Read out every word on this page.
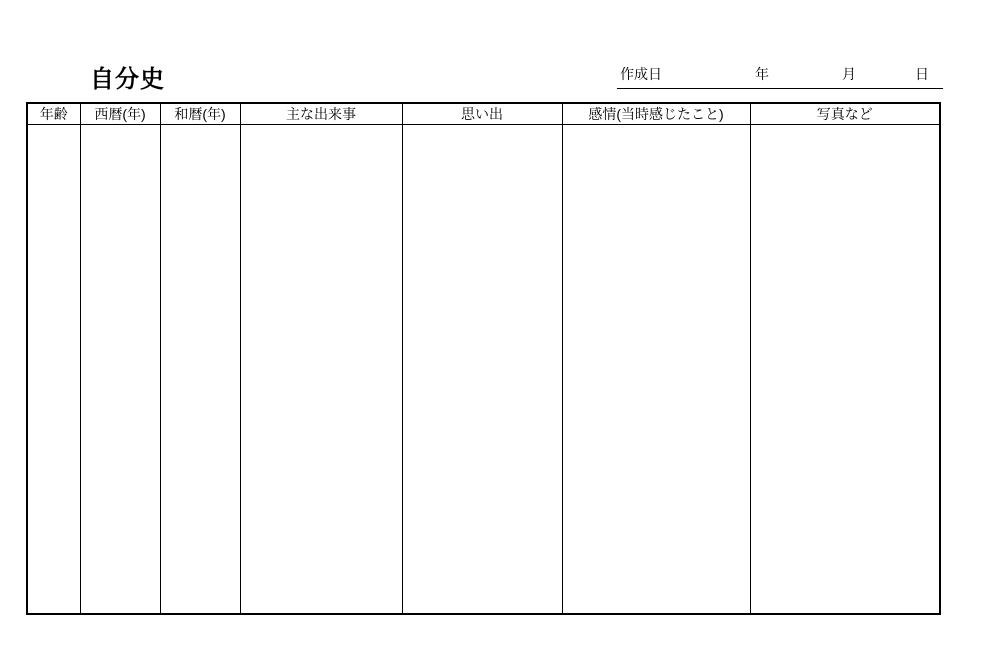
自分史	作成日	年	月	日
年齢	西暦(年)	和暦(年)	主な出来事	思い出	感情(当時感じたこと)	写真など
